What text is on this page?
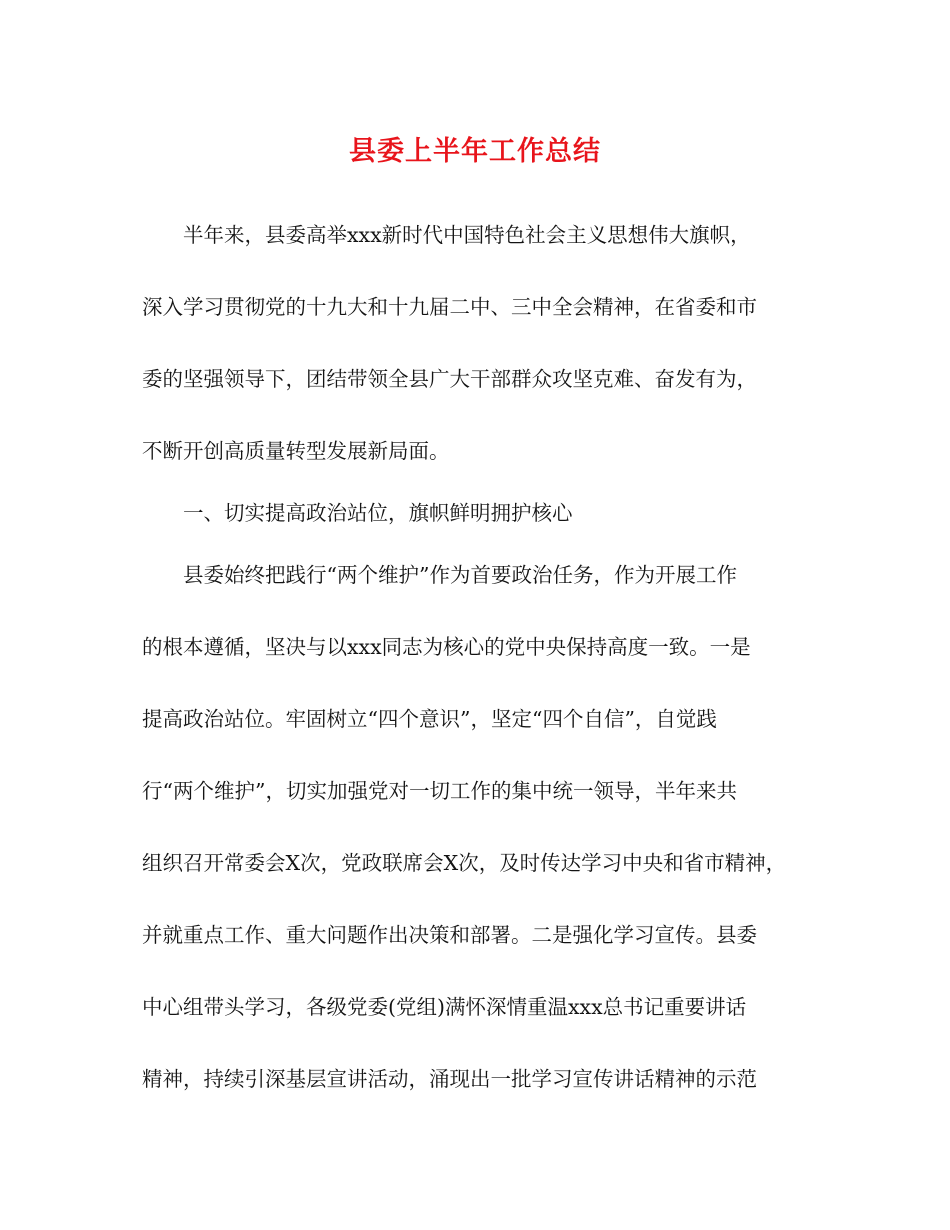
县委上半年工作总结
半年来，县委高举xxx新时代中国特色社会主义思想伟大旗帜，
深入学习贯彻党的十九大和十九届二中、三中全会精神，在省委和市
委的坚强领导下，团结带领全县广大干部群众攻坚克难、奋发有为，
不断开创高质量转型发展新局面。
一、切实提高政治站位，旗帜鲜明拥护核心
县委始终把践行“两个维护”作为首要政治任务，作为开展工作
的根本遵循，坚决与以xxx同志为核心的党中央保持高度一致。一是
提高政治站位。牢固树立“四个意识”，坚定“四个自信”，自觉践
行“两个维护”，切实加强党对一切工作的集中统一领导，半年来共
组织召开常委会X次，党政联席会X次，及时传达学习中央和省市精神，
并就重点工作、重大问题作出决策和部署。二是强化学习宣传。县委
中心组带头学习，各级党委(党组)满怀深情重温xxx总书记重要讲话
精神，持续引深基层宣讲活动，涌现出一批学习宣传讲话精神的示范
